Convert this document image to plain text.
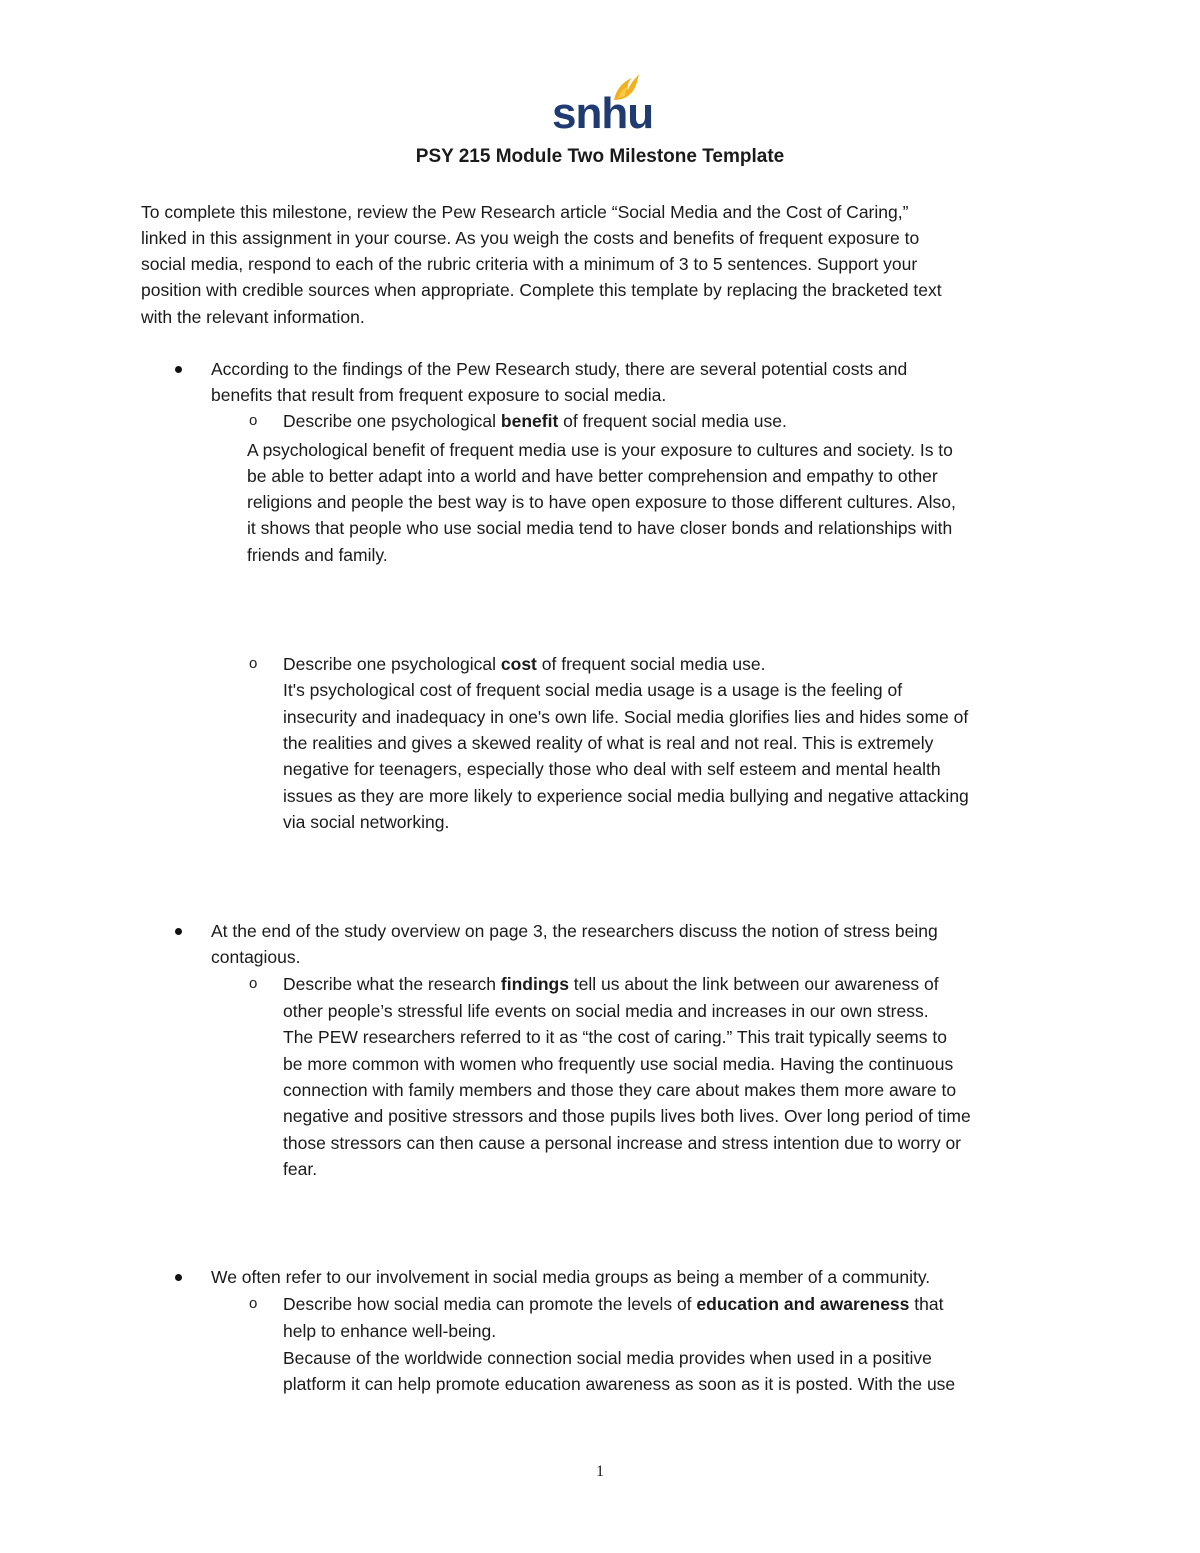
snhu
PSY 215 Module Two Milestone Template
To complete this milestone, review the Pew Research article “Social Media and the Cost of Caring,”
linked in this assignment in your course. As you weigh the costs and benefits of frequent exposure to
social media, respond to each of the rubric criteria with a minimum of 3 to 5 sentences. Support your
position with credible sources when appropriate. Complete this template by replacing the bracketed text
with the relevant information.
According to the findings of the Pew Research study, there are several potential costs and
benefits that result from frequent exposure to social media.
o Describe one psychological benefit of frequent social media use.
A psychological benefit of frequent media use is your exposure to cultures and society. Is to
be able to better adapt into a world and have better comprehension and empathy to other
religions and people the best way is to have open exposure to those different cultures. Also,
it shows that people who use social media tend to have closer bonds and relationships with
friends and family.
o Describe one psychological cost of frequent social media use.
It's psychological cost of frequent social media usage is a usage is the feeling of
insecurity and inadequacy in one's own life. Social media glorifies lies and hides some of
the realities and gives a skewed reality of what is real and not real. This is extremely
negative for teenagers, especially those who deal with self esteem and mental health
issues as they are more likely to experience social media bullying and negative attacking
via social networking.
At the end of the study overview on page 3, the researchers discuss the notion of stress being
contagious.
o Describe what the research findings tell us about the link between our awareness of
other people’s stressful life events on social media and increases in our own stress.
The PEW researchers referred to it as “the cost of caring.” This trait typically seems to
be more common with women who frequently use social media. Having the continuous
connection with family members and those they care about makes them more aware to
negative and positive stressors and those pupils lives both lives. Over long period of time
those stressors can then cause a personal increase and stress intention due to worry or
fear.
We often refer to our involvement in social media groups as being a member of a community.
o Describe how social media can promote the levels of education and awareness that
help to enhance well-being.
Because of the worldwide connection social media provides when used in a positive
platform it can help promote education awareness as soon as it is posted. With the use
1
